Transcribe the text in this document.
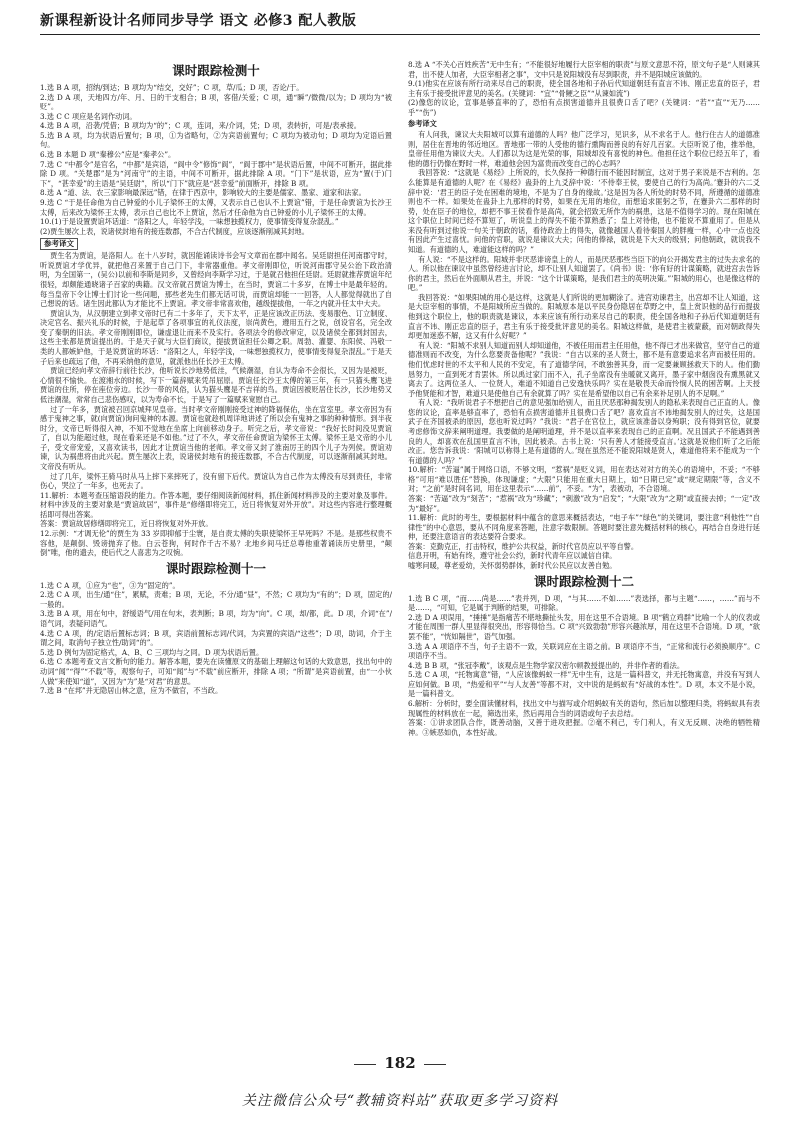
新课程新设计名师同步导学 语文 必修3 配人教版
课时跟踪检测十

1.选 B A 项，招纳/到达；B 项均为“结交，交好”；C 项，草/瓜；D 项，否论/于。

2.选 D A 项，天地四方/年、月、日的干支相合；B 项，客借/关爱；C 项，通“瞬”/微微/以为；D 项均为“被贬”。

3.选 C C 项应是名词作动词。

4.选 B A 项，沿袭/凭借；B 项均为“的”；C 项，连词，来/介词，凭；D 项，表转折，可是/表承接。

5.选 B A 项，均为状语后置句；B 项，①为省略句，②为宾语前置句；C 项均为被动句；D 项均为定语后置句。

6.选 B 本题 D 项“秦穆公”应是“秦孝公”。

7.选 C “中都令”是官名，“中都”是宾语，“阆中令”修饰“阆”，“阆于郡中”是状语后置，中间不可断开，据此排除 D 项。“关楚郡”是为“河南守”的主语，中间不可断开，据此排除 A 项。“门下”是状语，应为“置(于)门下”，“甚幸爱”的主语是“吴廷尉”，所以“门下”就应是“甚幸爱”前面断开，排除 B 项。

8.选 A “道、法、农三家影响最深远”错，在律于西京中，影响较大的主要是儒家、墨家、道家和法家。

9.选 C “于是任命他为自己钟爱的小儿子梁怀王的太傅，又表示自己也认不上贾谊”错，于是任命贾谊为长沙王太傅，后来改为梁怀王太傅，表示自己也比不上贾谊，然后才任命他为自己钟爱的小儿子梁怀王的太傅。

10.(1)于是设置贾谊坏话道：“洛阳之人，年轻学浅，一味想独揽权力，使事情变得复杂混乱。”

(2)贾生屡次上表，说诸侯封地有的接连数郡，不合古代制度，应该逐渐削减其封地。

参考译文

贾生名为贾谊，是洛阳人。在十八岁时，就因能诵读诗书会写文章而在郡中闻名。吴廷尉担任河南郡守时，听说贾谊才学优异，就把他召来置于自己门下，非常器重他。孝文帝刚即位，听说河南郡守吴公治下政治清明，为全国第一，(吴公)以前和李斯是同乡，又曾经向李斯学习过，于是就召他担任廷尉。廷尉就推荐贾谊年纪很轻，却颇能通晓诸子百家的典籍。汉文帝就召贾谊为博士，在当时，贾谊二十多岁，在博士中是最年轻的。每当皇帝下令让博士们讨论一些问题，那些老先生们都无话可说，而贾谊却能一一回答，人人都觉得就出了自己想说的话。诸生因此都认为才能比不上贾谊。孝文帝非常喜欢他，越级提拔他，一年之内就升任太中大夫。

贾谊认为，从汉朝建立到孝文帝时已有二十多年了，天下太平，正是应该改正历法、变易服色、订立制度、决定官名、振兴礼乐的时候，于是起草了各项事宜的礼仪法度，崇尚黄色，遵用五行之说，创设官名，完全改变了秦朝的旧法。孝文帝刚刚即位，谦虚退让而来不及实行。各项法令的修改审定，以及诸侯全都到封国去，这些主张都是贾谊提出的。于是天子就与大臣们商议，提拔贾谊担任公卿之职。周勃、灌婴、东阳侯、冯敬一类的人都嫉妒他，于是说贾谊的坏话：“洛阳之人，年轻学浅，一味想独揽权力，使事情变得复杂混乱。”于是天子后来也疏远了他，不再采纳他的意见，就派他出任长沙王太傅。

贾谊已经向孝文帝辞行前往长沙，他听说长沙地势低洼，气候潮湿，自认为寿命不会很长，又因为是被贬，心情很不愉快。在渡湘水的时候，写下一篇辞赋来凭吊屈原。贾谊任长沙王太傅的第三年，有一只猫头鹰飞进贾谊的住所，停在座位旁边。长沙一带的风俗，认为猫头鹰是不吉祥的鸟。贾谊因被贬居住长沙，长沙地势又低洼潮湿，常常自己悲伤感叹，以为寿命不长，于是写了一篇赋来宽慰自己。

过了一年多，贾谊被召回京城拜见皇帝。当时孝文帝刚刚接受过神的降福保佑，坐在宣室里。孝文帝因为有感于鬼神之事，就(向贾谊)询问鬼神的本源。贾谊也就趁机周详地讲述了所以会有鬼神之事的种种情形。到半夜时分，文帝已听得很入神，不知不觉地在坐席上向前移动身子。听完之后，孝文帝说：“我好长时间没见贾谊了，自以为能超过他，现在看来还是不如他。”过了不久，孝文帝任命贾谊为梁怀王太傅。梁怀王是文帝的小儿子，受文帝宠爱，又喜欢读书，因此才让贾谊当他的老师。孝文帝又封了淮南厉王的四个儿子为列侯。贾谊劝谏，认为祸患将由此兴起。贾生屡次上表，说诸侯封地有的接连数郡，不合古代制度，可以逐渐削减其封地。文帝没有听从。

过了几年，梁怀王骑马时从马上摔下来摔死了，没有留下后代。贾谊认为自己作为太傅没有尽到责任，非常伤心，哭泣了一年多，也死去了。

11.解析：本题考查压缩语段的能力。作答本题，要仔细阅读新闻材料，抓住新闻材料涉及的主要对象及事件。材料中涉及的主要对象是“贾谊故居”，事件是“修缮即将完工，近日将恢复对外开放”。对这些内容进行整理概括即可得出答案。

答案：贾谊故居修缮即将完工，近日将恢复对外开放。

12.示例：“才调无伦”的贾生为 33 岁即抑郁于尘寰，是自责太傅的失职使梁怀王早死吗？不是。是那些权贵不容他，是颠倒、毁谤抛弃了他。白云苍狗，何时作千古不易？北地乡间马迁总尊他重著诵读历史册里，“颠倒”唯，他的遗去，使后代之人喜悲为之叹惋。

课时跟踪检测十一

1.选 C A 项，①应为“也”，③为“固定的”。

2.选 C A 项，出生/通“住”，累赋，责难；B 项，无论，不分/通“昼”，不然；C 项均为“有的”；D 项，固定的/一般的。

3.选 B A 项，用在句中，舒缓语气/用在句末，表判断；B 项，均为“向”。C 项，却/都，此。D 项，介词“在”/语气词，表疑问语气。

4.选 C A 项，的/定语后置标志词；B 项，宾语前置标志词/代词，为宾置的宾语/“这些”；D 项，助词，介于主谓之间，取消句子独立性/助词“的”。

5.选 D 例句为固定格式，A、B、C 三项均与之同。D 项为状语后置。

6.选 C 本题考查文言文断句的能力。解答本题，要先在读懂原文的基础上理解这句话的大致意思，找出句中的动词“闻”“得”“不载”等，观察句子，可知“闻”与“不载”前应断开，排除 A 项；“所谓”是宾语前置，由“一小伙人做”来使知“道”，又因为“为”是“对君”的意思。

7.选 B “在邦”并无隐居山林之意，应为不做官，不当政。

8.选 A “不关心百姓疾苦”无中生有；“不能很好地履行大臣宰相的职责”与原文意思不符，原文句子是“人则谏其君，出不使人加者，大臣宰相者之事”，文中只是说阳城没有尽到职责，并不是阳城应该做的。

9.(1)他实在应该有所行动来尽自己的职责，使全国各地和子孙后代知道朝廷有直言不讳、刚正忠直的臣子，君主有乐于接受批评意见的美名。(关键词：“宜”“骨鲠之臣”“从谏如流”)

(2)像您的议论，宣事是够直率的了，恐怕有点损害道德并且很费口舌了吧？(关键词：“若”“直”“无乃……乎”“伤”)

参考译文

有人问我，谏议大夫阳城可以算有道德的人吗？他广泛学习，见识多，从不求名于人。他行住古人的道德准则，居住在晋地的邻近地区。晋地那一带的人受他的德行熏陶而善良的有好几百家。大臣听说了他，推举他，皇帝任用他为谏议大夫。人们都以为这是光荣的事，阳城却没有喜悦的神色。他担任这个职位已经五年了，看他的德行仍像在野时一样，难道他会因为富贵而改变自己的心志吗？

我回答说：“这就是《易经》上所说的，长久保持一种德行而不能因时制宜，这对于男子来说是不吉利的。怎么能算是有道德的人呢？在《易经》蛊卦的上九爻辞中说：‘不侍奉王侯，要使自己的行为高尚。’蹇卦的六二爻辞中说：‘君王的臣子处在困难的境地，不是为了自身的缘故。’这是因为各人所处的时势不同，所遵循的道德准则也不一样。如果处在蛊卦上九那样的时势，如果在无用的地位，而想追求匪躬之节，在蹇卦六二那样的时势，处在臣子的地位，却把不事王侯看作是高尚，就会招致无所作为的祸患，这是不值得学习的。现在阳城在这个职位上时间已经不算短了，听说皇上的得失不能不算熟悉了；皇上对待他，也不能说不算重用了。但是从来没有听到过他说一句关于朝政的话，看待政治上的得失，就像越国人看待秦国人的胖瘦一样，心中一点也没有因此产生过喜忧。问他的官职，就说是谏议大夫；问他的俸禄，就说是下大夫的级别；问他朝政，就说我不知道。有道德的人，难道能这样的吗？”

有人说：“不是这样的。阳城并非厌恶诽谤皇上的人，而是厌恶那些当臣下的向公开揭发君主的过失去求名的人。所以他在谏议中虽然曾经进言讨论，却不让别人知道罢了。《尚书》说：‘你有好的计谋策略，就进宫去告诉你的君主，然后在外面顺从君主，并说：“这个计谋策略，是我们君主的英明决策。”’阳城的用心，也是像这样的吧。”

我回答说：“如果阳城的用心是这样，这就是人们所说的更加糊涂了。进宫劝谏君主，出宫却不让人知道，这是大臣宰相的事情，不是阳城所应当做的。阳城原本是以平民身份隐居在草野之中，皇上赏识他的品行而提拔他到这个职位上，他的职责就是谏议，本来应该有所行动来尽自己的职责，使全国各地和子孙后代知道朝廷有直言不讳、刚正忠直的臣子，君主有乐于接受批评意见的美名。阳城这样做，是使君主被蒙蔽，而对朝政得失却更加迷惑不解，这又有什么好呢？”

有人说：“阳城不求别人知道而别人却知道他，不被任用而君主任用他，他不得已才出来做官，坚守自己的道德准则而不改变，为什么您要责备他呢？”我说：“自古以来的圣人贤士，都不是有意要追求名声而被任用的。他们忧虑时世的不太平和人民的不安定，有了道德学问，不敢独善其身，而一定要兼顾拯救天下的人。他们勤恳努力，一直到死才肯罢休。所以禹过家门而不入，孔子坐席没有坐暖就又离开，墨子家中烟囱没有熏黑就又离去了。这两位圣人、一位贤人，难道不知道自己安逸快乐吗？实在是敬畏天命而怜悯人民的困苦啊。上天授予他贤能和才智，难道只是使他自己有余就算了吗？实在是希望他以自己有余来补足别人的不足啊。”

有人说：“我听说君子不想把自己的意见强加给别人，而且厌恶那种揭发别人的隐私来表现自己正直的人。像您的议论，直率是够直率了，恐怕有点损害道德并且很费口舌了吧？喜欢直言不讳地揭发别人的过失，这是国武子在齐国被杀的原因，您也听说过吗？”我说：“君子在官位上，就应该准备以身殉职；没有得到官位，就要考虑修饰文辞来阐明道理。我要做的是阐明道理，并不是以直率来表现自己的正直啊。况且国武子不能遇到善良的人，却喜欢在乱国里直言不讳，因此被杀。古书上说：‘只有善人才能接受直言。’这就是说他们听了之后能改正。您告诉我说：‘阳城可以称得上是有道德的人。’现在虽然还不能说阳城是贤人，难道他将来不能成为一个有道德的人吗？”

10.解析：“苦逼”属于网络口语，不够文明，“惹祸”是贬义词，用在表达对对方的关心的语境中，不妥；“不够格”可用“难以胜任”替换，体现谦虚；“大限”只能用在重大日期上，如“日期已定”或“规定期限”等，含义不对；“之前”是时间名词，用在这里表示“……前”，不妥。“为”，表被动，不合语境。

答案：“苦逼”改为“刻苦”；“惹祸”改为“珍藏”；“刺激”改为“启发”；“大限”改为“之期”或直接去掉；“一定”改为“最好”。

11.解析：此时的考生，要根据材料中蕴含的意思来概括表达，“电子车”“绿色”的关键词，要注意“利他性”“自律性”的中心意思，要从不同角度来答题，注意字数限制。答题时要注意先概括材料的核心，再结合自身进行延伸，还要注意语言的表达要符合要求。

答案：克勤克正，打击特权，维护公共权益，新时代官员应以平等自警。

信息开明，有始有终，遵守社会公约，新时代青年应以诚信自律。

嘘寒问暖，尊老爱幼，关怀弱势群体，新时代公民应以友善自勉。

课时跟踪检测十二

1.选 B C 项，“而……尚是……”表并列，D 项，“与其……不如……”表选择，都与主题“……，……”而与不是……，“可知，它是属于判断的结果，可排除。

2.选 D A 项误用，“捶捶”是指痛苦不堪地撕扯头发，用在这里不合语境。B 项“鹤立鸡群”比喻一个人的仪表或才能在周围一群人里显得很突出，形容得恰当。C 项“兴致勃勃”形容兴趣浓厚，用在这里不合语境。D 项，“欲罢不能”，“恍如隔世”，语气加强。

3.选 A A 项语序不当，句子主语不一致，关联词应在主语之前。B 项语序不当，“正常和流行必须换顺序”。C 项语序不当。

4.选 B B 项，“张冠李戴”，该观点是生物学家汉密尔顿教授提出的，并非作者的看法。

5.选 C A 项，“托物寓意”错，“人应该像蚂蚁一样”无中生有，这是一篇科普文，并无托物寓意，并没有写到人应如何做。B 项，“热爱和平”“与人友善”等都不对，文中说的是蚂蚁有“好战的本性”。D 项，本文不是小说，是一篇科普文。

6.解析：分析时，要全面读懂材料，找出文中与描写或介绍蚂蚁有关的语句，然后加以整理归类，将蚂蚁具有表现属性的材料放在一起，筛选出来，然后再用合当的词语或句子去总结。

答案：①讲求团队合作，既善动脑，又善于进攻把握。②毫不利己，专门利人，有义无反顾、决绝的牺牲精神。③嫉恶如仇，本性好战。

182
关注微信公众号“教辅资料站”获取更多学习资料
